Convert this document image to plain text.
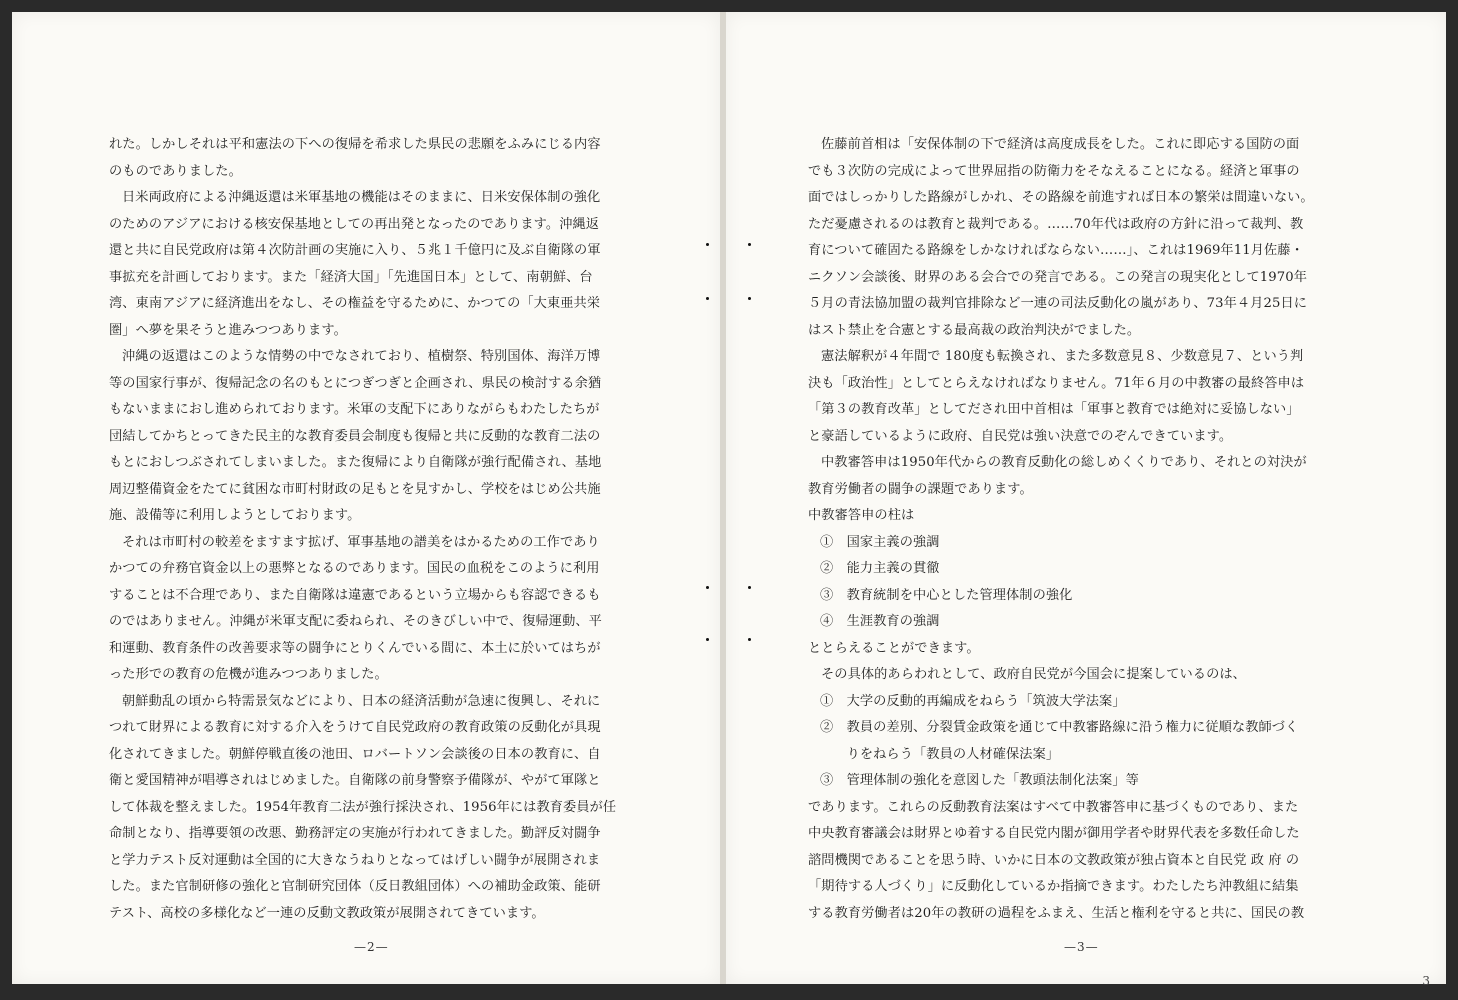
れた。しかしそれは平和憲法の下への復帰を希求した県民の悲願をふみにじる内容
のものでありました。
日米両政府による沖縄返還は米軍基地の機能はそのままに、日米安保体制の強化
のためのアジアにおける核安保基地としての再出発となったのであります。沖縄返
還と共に自民党政府は第４次防計画の実施に入り、５兆１千億円に及ぶ自衛隊の軍
事拡充を計画しております。また「経済大国」「先進国日本」として、南朝鮮、台
湾、東南アジアに経済進出をなし、その権益を守るために、かつての「大東亜共栄
圏」へ夢を果そうと進みつつあります。
沖縄の返還はこのような情勢の中でなされており、植樹祭、特別国体、海洋万博
等の国家行事が、復帰記念の名のもとにつぎつぎと企画され、県民の検討する余猶
もないままにおし進められております。米軍の支配下にありながらもわたしたちが
団結してかちとってきた民主的な教育委員会制度も復帰と共に反動的な教育二法の
もとにおしつぶされてしまいました。また復帰により自衛隊が強行配備され、基地
周辺整備資金をたてに貧困な市町村財政の足もとを見すかし、学校をはじめ公共施
施、設備等に利用しようとしております。
それは市町村の較差をますます拡げ、軍事基地の譜美をはかるための工作であり
かつての弁務官資金以上の悪弊となるのであります。国民の血税をこのように利用
することは不合理であり、また自衛隊は違憲であるという立場からも容認できるも
のではありません。沖縄が米軍支配に委ねられ、そのきびしい中で、復帰運動、平
和運動、教育条件の改善要求等の闘争にとりくんでいる間に、本土に於いてはちが
った形での教育の危機が進みつつありました。
朝鮮動乱の頃から特需景気などにより、日本の経済活動が急速に復興し、それに
つれて財界による教育に対する介入をうけて自民党政府の教育政策の反動化が具現
化されてきました。朝鮮停戦直後の池田、ロバートソン会談後の日本の教育に、自
衛と愛国精神が唱導されはじめました。自衛隊の前身警察予備隊が、やがて軍隊と
して体裁を整えました。1954年教育二法が強行採決され、1956年には教育委員が任
命制となり、指導要領の改悪、勤務評定の実施が行われてきました。勤評反対闘争
と学力テスト反対運動は全国的に大きなうねりとなってはげしい闘争が展開されま
した。また官制研修の強化と官制研究団体（反日教組団体）への補助金政策、能研
テスト、高校の多様化など一連の反動文教政策が展開されてきています。
—2—
佐藤前首相は「安保体制の下で経済は高度成長をした。これに即応する国防の面
でも３次防の完成によって世界屈指の防衛力をそなえることになる。経済と軍事の
面ではしっかりした路線がしかれ、その路線を前進すれば日本の繁栄は間違いない。
ただ憂慮されるのは教育と裁判である。……70年代は政府の方針に沿って裁判、教
育について確固たる路線をしかなければならない……」、これは1969年11月佐藤・
ニクソン会談後、財界のある会合での発言である。この発言の現実化として1970年
５月の青法協加盟の裁判官排除など一連の司法反動化の嵐があり、73年４月25日に
はスト禁止を合憲とする最高裁の政治判決がでました。
憲法解釈が４年間で 180度も転換され、また多数意見８、少数意見７、という判
決も「政治性」としてとらえなければなりません。71年６月の中教審の最終答申は
「第３の教育改革」としてだされ田中首相は「軍事と教育では絶対に妥協しない」
と豪語しているように政府、自民党は強い決意でのぞんできています。
中教審答申は1950年代からの教育反動化の総しめくくりであり、それとの対決が
教育労働者の闘争の課題であります。
中教審答申の柱は
①　国家主義の強調
②　能力主義の貫徹
③　教育統制を中心とした管理体制の強化
④　生涯教育の強調
ととらえることができます。
その具体的あらわれとして、政府自民党が今国会に提案しているのは、
①　大学の反動的再編成をねらう「筑波大学法案」
②　教員の差別、分裂賃金政策を通じて中教審路線に沿う権力に従順な教師づく
　　りをねらう「教員の人材確保法案」
③　管理体制の強化を意図した「教頭法制化法案」等
であります。これらの反動教育法案はすべて中教審答申に基づくものであり、また
中央教育審議会は財界とゆ着する自民党内閣が御用学者や財界代表を多数任命した
諮問機関であることを思う時、いかに日本の文教政策が独占資本と自民党 政 府 の
「期待する人づくり」に反動化しているか指摘できます。わたしたち沖教組に結集
する教育労働者は20年の教研の過程をふまえ、生活と権利を守ると共に、国民の教
—3—
3
